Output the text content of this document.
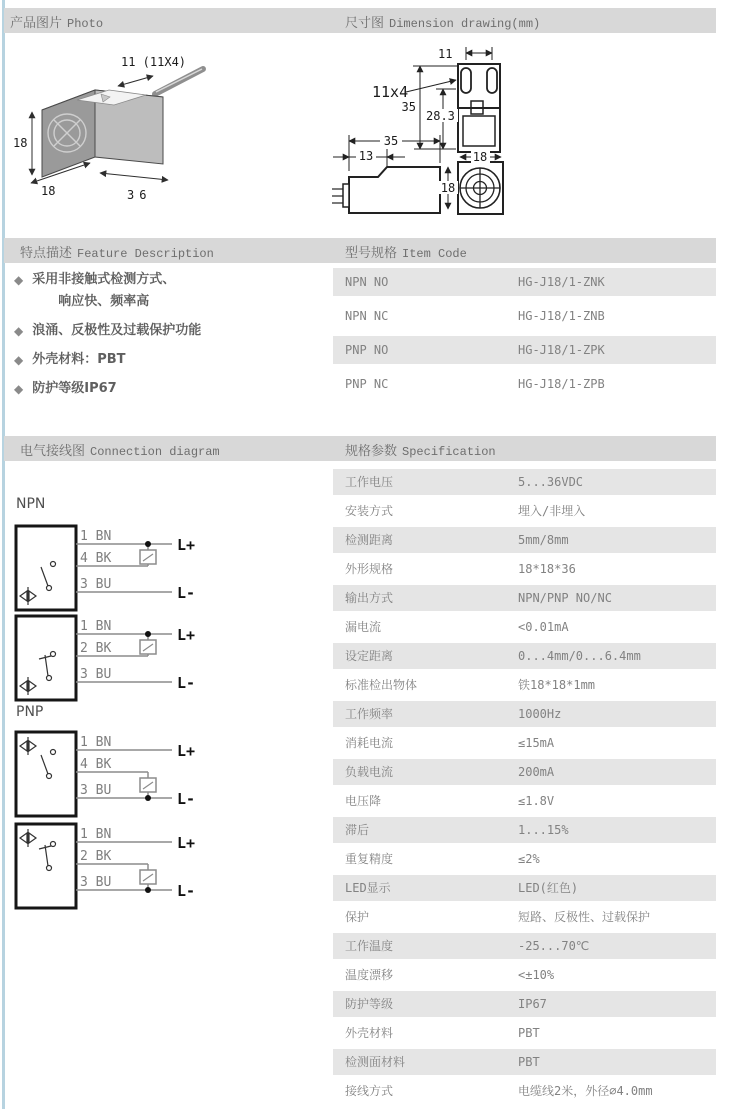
产品图片 Photo	尺寸图 Dimension drawing(mm)
18
18	36
11 (11X4)
11
11x4
35
28.3
35
13	18
18
特点描述 Feature Description	型号规格 Item Code
◆ 采用非接触式检测方式、
响应快、频率高
◆ 浪涌、反极性及过载保护功能
◆ 外壳材料：PBT
◆ 防护等级IP67
NPN NO	HG-J18/1-ZNK
NPN NC	HG-J18/1-ZNB
PNP NO	HG-J18/1-ZPK
PNP NC	HG-J18/1-ZPB
电气接线图 Connection diagram	规格参数 Specification
NPN
1 BN
4 BK
3 BU
L+
L-
1 BN
2 BK
3 BU
L+
L-
PNP
1 BN
4 BK
3 BU
L+
L-
1 BN
2 BK
3 BU
L+
L-
工作电压	5...36VDC
安装方式	埋入/非埋入
检测距离	5mm/8mm
外形规格	18*18*36
输出方式	NPN/PNP NO/NC
漏电流	<0.01mA
设定距离	0...4mm/0...6.4mm
标准检出物体	铁18*18*1mm
工作频率	1000Hz
消耗电流	≤15mA
负载电流	200mA
电压降	≤1.8V
滞后	1...15%
重复精度	≤2%
LED显示	LED(红色)
保护	短路、反极性、过载保护
工作温度	-25...70℃
温度漂移	<±10%
防护等级	IP67
外壳材料	PBT
检测面材料	PBT
接线方式	电缆线2米，外径∅4.0mm
